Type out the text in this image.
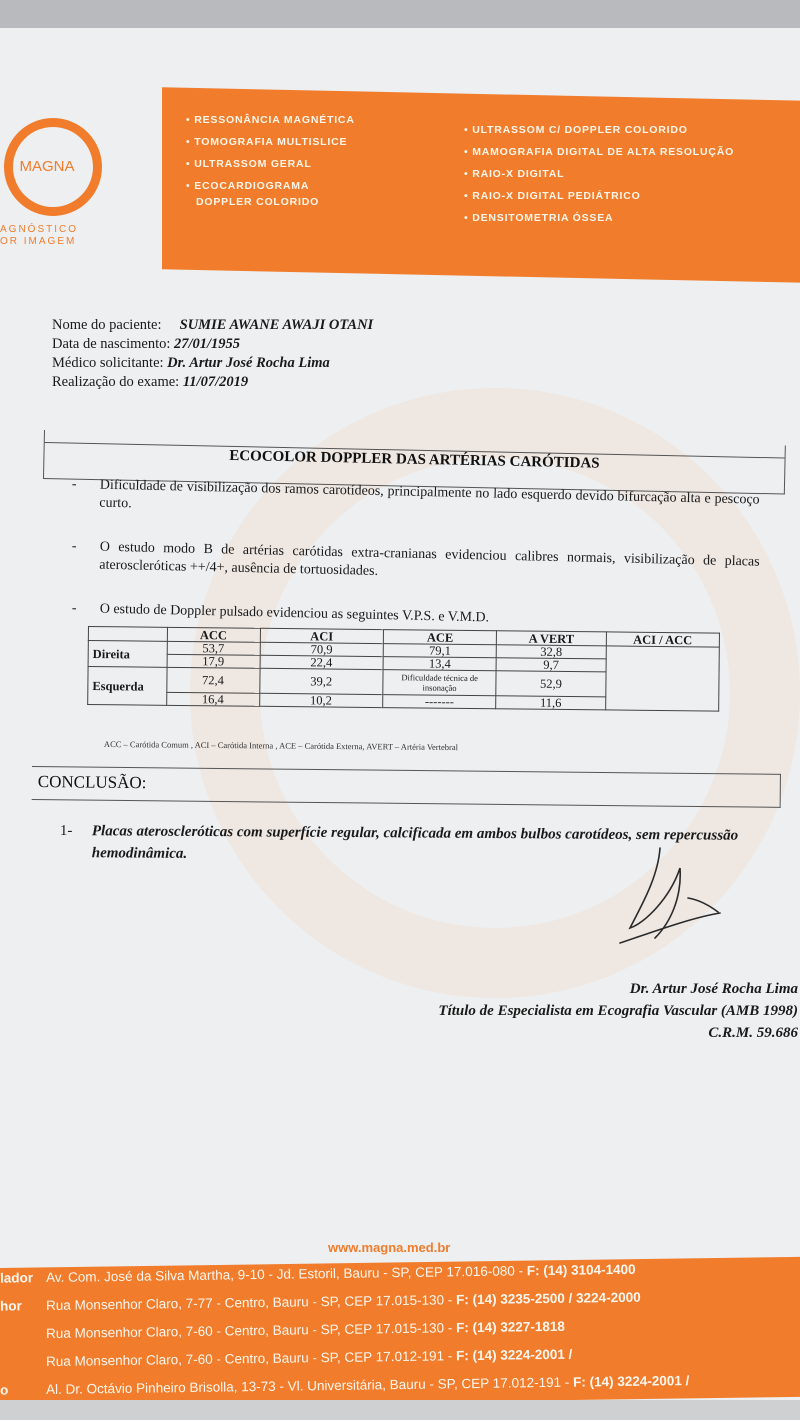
MAGNA
AGNÓSTICO
OR IMAGEM
• RESSONÂNCIA MAGNÉTICA
• TOMOGRAFIA MULTISLICE
• ULTRASSOM GERAL
• ECOCARDIOGRAMA
DOPPLER COLORIDO
• ULTRASSOM C/ DOPPLER COLORIDO
• MAMOGRAFIA DIGITAL DE ALTA RESOLUÇÃO
• RAIO-X DIGITAL
• RAIO-X DIGITAL PEDIÁTRICO
• DENSITOMETRIA ÓSSEA
Nome do paciente: SUMIE AWANE AWAJI OTANI
Data de nascimento: 27/01/1955
Médico solicitante: Dr. Artur José Rocha Lima
Realização do exame: 11/07/2019
ECOCOLOR DOPPLER DAS ARTÉRIAS CARÓTIDAS
- Dificuldade de visibilização dos ramos carotídeos, principalmente no lado esquerdo devido bifurcação alta e pescoço curto.
- O estudo modo B de artérias carótidas extra-cranianas evidenciou calibres normais, visibilização de placas ateroscleróticas ++/4+, ausência de tortuosidades.
- O estudo de Doppler pulsado evidenciou as seguintes V.P.S. e V.M.D.
	ACC	ACI	ACE	A VERT	ACI / ACC
Direita	53,7	70,9	79,1	32,8	
	17,9	22,4	13,4	9,7	
Esquerda	72,4	39,2	Dificuldade técnica de insonação	52,9	
	16,4	10,2	-------	11,6	
ACC – Carótida Comum , ACI – Carótida Interna , ACE – Carótida Externa, AVERT – Artéria Vertebral
CONCLUSÃO:
1- Placas ateroscleróticas com superfície regular, calcificada em ambos bulbos carotídeos, sem repercussão hemodinâmica.
Dr. Artur José Rocha Lima
Título de Especialista em Ecografia Vascular (AMB 1998)
C.R.M. 59.686
www.magna.med.br
lador Av. Com. José da Silva Martha, 9-10 - Jd. Estoril, Bauru - SP, CEP 17.016-080 - F: (14) 3104-1400
hor Rua Monsenhor Claro, 7-77 - Centro, Bauru - SP, CEP 17.015-130 - F: (14) 3235-2500 / 3224-2000
Rua Monsenhor Claro, 7-60 - Centro, Bauru - SP, CEP 17.015-130 - F: (14) 3227-1818
Rua Monsenhor Claro, 7-60 - Centro, Bauru - SP, CEP 17.012-191 - F: (14) 3224-2001 /
o	Al. Dr. Octávio Pinheiro Brisolla, 13-73 - Vl. Universitária, Bauru - SP, CEP 17.012-191 - F: (14) 3224-2001 /
